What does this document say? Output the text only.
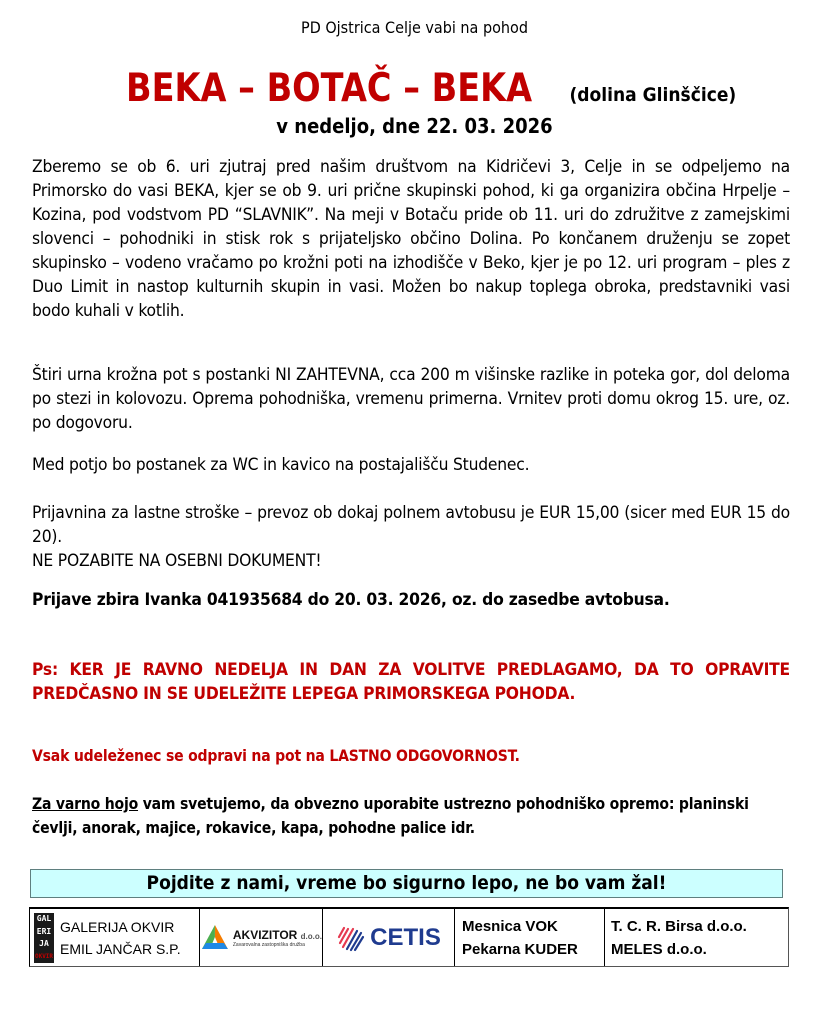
PD Ojstrica Celje vabi na pohod
BEKA – BOTAČ – BEKA (dolina Glinščice)
v nedeljo, dne 22. 03. 2026
Zberemo se ob 6. uri zjutraj pred našim društvom na Kidričevi 3, Celje in se odpeljemo na Primorsko do vasi BEKA, kjer se ob 9. uri prične skupinski pohod, ki ga organizira občina Hrpelje – Kozina, pod vodstvom PD “SLAVNIK”. Na meji v Botaču pride ob 11. uri do združitve z zamejskimi slovenci – pohodniki in stisk rok s prijateljsko občino Dolina. Po končanem druženju se zopet skupinsko – vodeno vračamo po krožni poti na izhodišče v Beko, kjer je po 12. uri program – ples z Duo Limit in nastop kulturnih skupin in vasi. Možen bo nakup toplega obroka, predstavniki vasi bodo kuhali v kotlih.
Štiri urna krožna pot s postanki NI ZAHTEVNA, cca 200 m višinske razlike in poteka gor, dol deloma po stezi in kolovozu. Oprema pohodniška, vremenu primerna. Vrnitev proti domu okrog 15. ure, oz. po dogovoru.
Med potjo bo postanek za WC in kavico na postajališču Studenec.
Prijavnina za lastne stroške – prevoz ob dokaj polnem avtobusu je EUR 15,00 (sicer med EUR 15 do 20).
NE POZABITE NA OSEBNI DOKUMENT!
Prijave zbira Ivanka 041935684 do 20. 03. 2026, oz. do zasedbe avtobusa.
Ps: KER JE RAVNO NEDELJA IN DAN ZA VOLITVE PREDLAGAMO, DA TO OPRAVITE PREDČASNO IN SE UDELEŽITE LEPEGA PRIMORSKEGA POHODA.
Vsak udeleženec se odpravi na pot na LASTNO ODGOVORNOST.
Za varno hojo vam svetujemo, da obvezno uporabite ustrezno pohodniško opremo: planinski čevlji, anorak, majice, rokavice, kapa, pohodne palice idr.
Pojdite z nami, vreme bo sigurno lepo, ne bo vam žal!
GAL
ERI
JA
OKVIR
GALERIJA OKVIR
EMIL JANČAR S.P.
AKVIZITOR d.o.o.
Zavarovalna zastopniška družba	CETIS Mesnica VOK
Pekarna KUDER
T. C. R. Birsa d.o.o.
MELES d.o.o.
